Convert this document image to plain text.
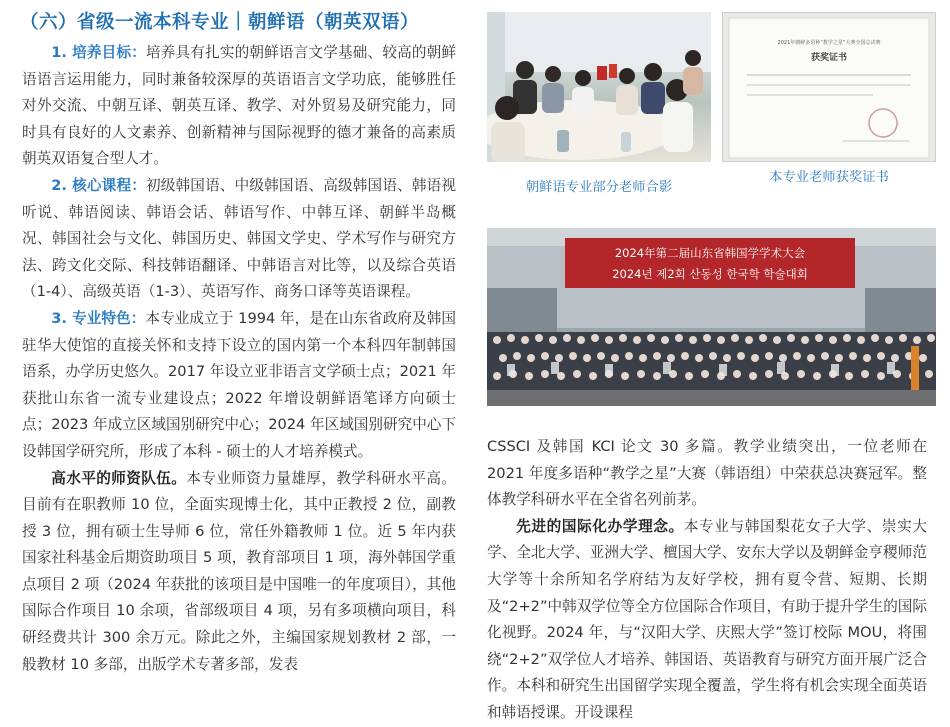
（六）省级一流本科专业｜朝鲜语（朝英双语）

1. 培养目标：培养具有扎实的朝鲜语言文学基础、较高的朝鲜语语言运用能力，同时兼备较深厚的英语语言文学功底，能够胜任对外交流、中朝互译、朝英互译、教学、对外贸易及研究能力，同时具有良好的人文素养、创新精神与国际视野的德才兼备的高素质朝英双语复合型人才。

2. 核心课程：初级韩国语、中级韩国语、高级韩国语、韩语视听说、韩语阅读、韩语会话、韩语写作、中韩互译、朝鲜半岛概况、韩国社会与文化、韩国历史、韩国文学史、学术写作与研究方法、跨文化交际、科技韩语翻译、中韩语言对比等，以及综合英语（1-4）、高级英语（1-3）、英语写作、商务口译等英语课程。

3. 专业特色：本专业成立于 1994 年，是在山东省政府及韩国驻华大使馆的直接关怀和支持下设立的国内第一个本科四年制韩国语系，办学历史悠久。2017 年设立亚非语言文学硕士点；2021 年获批山东省一流专业建设点；2022 年增设朝鲜语笔译方向硕士点；2023 年成立区域国别研究中心；2024 年区域国别研究中心下设韩国学研究所，形成了本科 - 硕士的人才培养模式。

高水平的师资队伍。本专业师资力量雄厚，教学科研水平高。目前有在职教师 10 位，全面实现博士化，其中正教授 2 位，副教授 3 位，拥有硕士生导师 6 位，常任外籍教师 1 位。近 5 年内获国家社科基金后期资助项目 5 项，教育部项目 1 项，海外韩国学重点项目 2 项（2024 年获批的该项目是中国唯一的年度项目），其他国际合作项目 10 余项，省部级项目 4 项，另有多项横向项目，科研经费共计 300 余万元。除此之外，主编国家规划教材 2 部，一般教材 10 多部，出版学术专著多部，发表

2021年朝鲜多语种“教学之星”大赛全国总决赛
获奖证书
朝鲜语专业部分老师合影
本专业老师获奖证书
2024年第二届山东省韩国学学术大会
2024년 제2회 산동성 한국학 학술대회

CSSCI 及韩国 KCI 论文 30 多篇。教学业绩突出，一位老师在 2021 年度多语种“教学之星”大赛（韩语组）中荣获总决赛冠军。整体教学科研水平在全省名列前茅。

先进的国际化办学理念。本专业与韩国梨花女子大学、崇实大学、全北大学、亚洲大学、檀国大学、安东大学以及朝鲜金亨稷师范大学等十余所知名学府结为友好学校，拥有夏令营、短期、长期及“2+2”中韩双学位等全方位国际合作项目，有助于提升学生的国际化视野。2024 年，与“汉阳大学、庆熙大学”签订校际 MOU，将围绕“2+2”双学位人才培养、韩国语、英语教育与研究方面开展广泛合作。本科和研究生出国留学实现全覆盖，学生将有机会实现全面英语和韩语授课。开设课程
